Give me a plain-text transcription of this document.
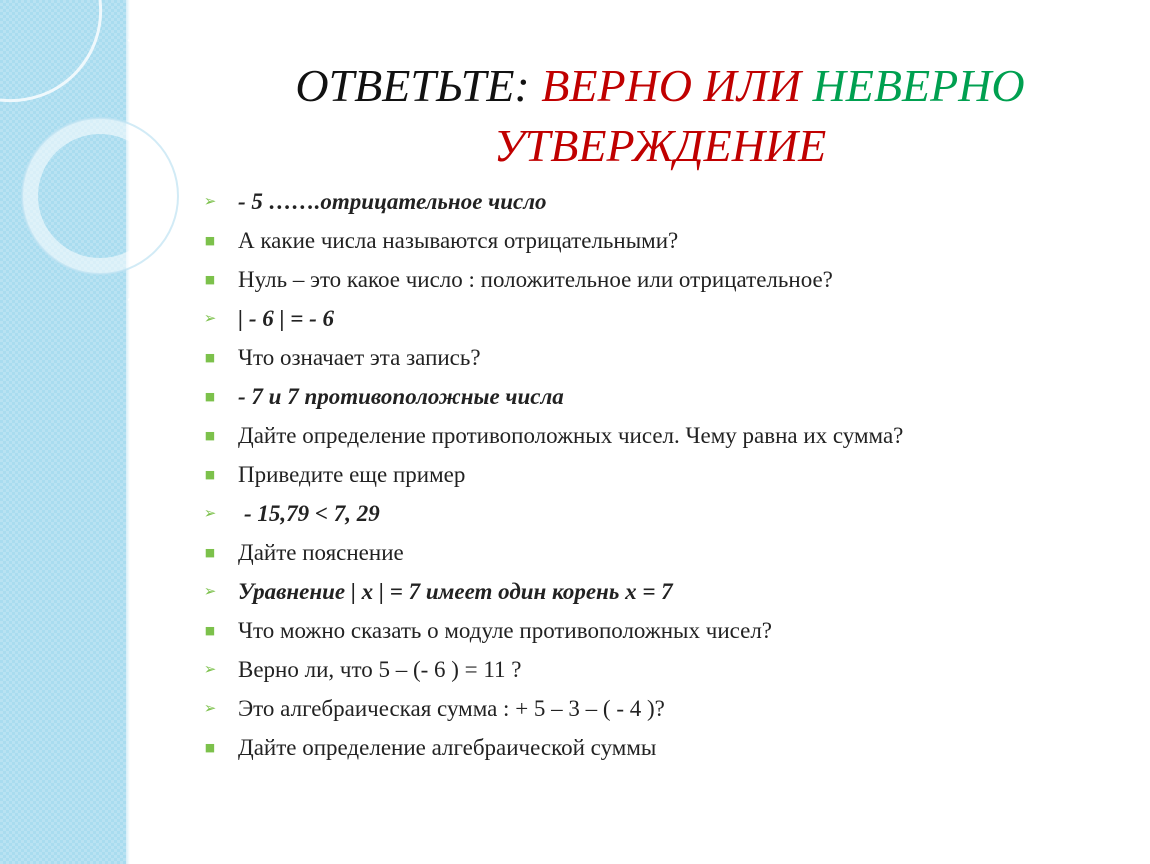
ОТВЕТЬТЕ: ВЕРНО ИЛИ НЕВЕРНО
УТВЕРЖДЕНИЕ
➢ - 5 …….отрицательное число
■ А какие числа называются отрицательными?
■ Нуль – это какое число : положительное или отрицательное?
➢ | - 6 | = - 6
■ Что означает эта запись?
■ - 7 и 7 противоположные числа
■ Дайте определение противоположных чисел. Чему равна их сумма?
■ Приведите еще пример
➢ - 15,79 < 7, 29
■ Дайте пояснение
➢ Уравнение | х | = 7 имеет один корень х = 7
■ Что можно сказать о модуле противоположных чисел?
➢ Верно ли, что 5 – (- 6 ) = 11 ?
➢ Это алгебраическая сумма : + 5 – 3 – ( - 4 )?
■ Дайте определение алгебраической суммы
